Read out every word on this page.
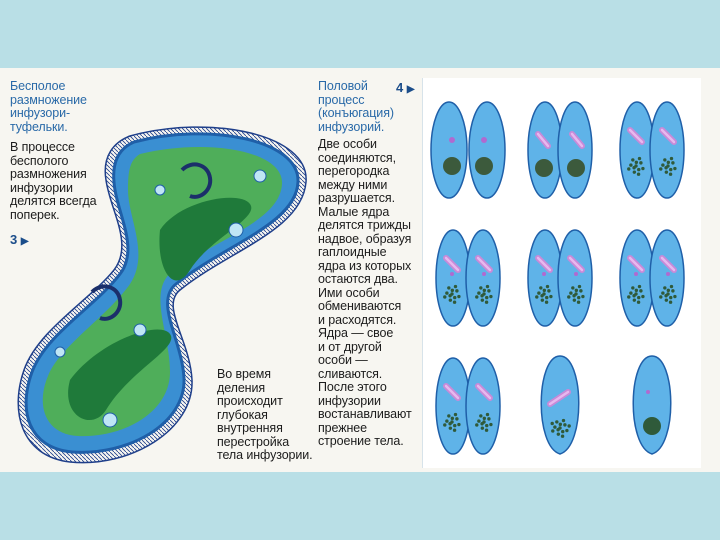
Бесполое
размножение
инфузори-
туфельки.
В процессе
бесполого
размножения
инфузории
делятся всегда
поперек.
3 ▶
Во время
деления
происходит
глубокая
внутренняя
перестройка
тела инфузории.
Половой
процесс
(конъюгация)
инфузорий.
4 ▶
Две особи
соединяются,
перегородка
между ними
разрушается.
Малые ядра
делятся трижды
надвое, образуя
гаплоидные
ядра из которых
остаются два.
Ими особи
обмениваются
и расходятся.
Ядра — свое
и от другой
особи —
сливаются.
После этого
инфузории
востанавливают
прежнее
строение тела.
